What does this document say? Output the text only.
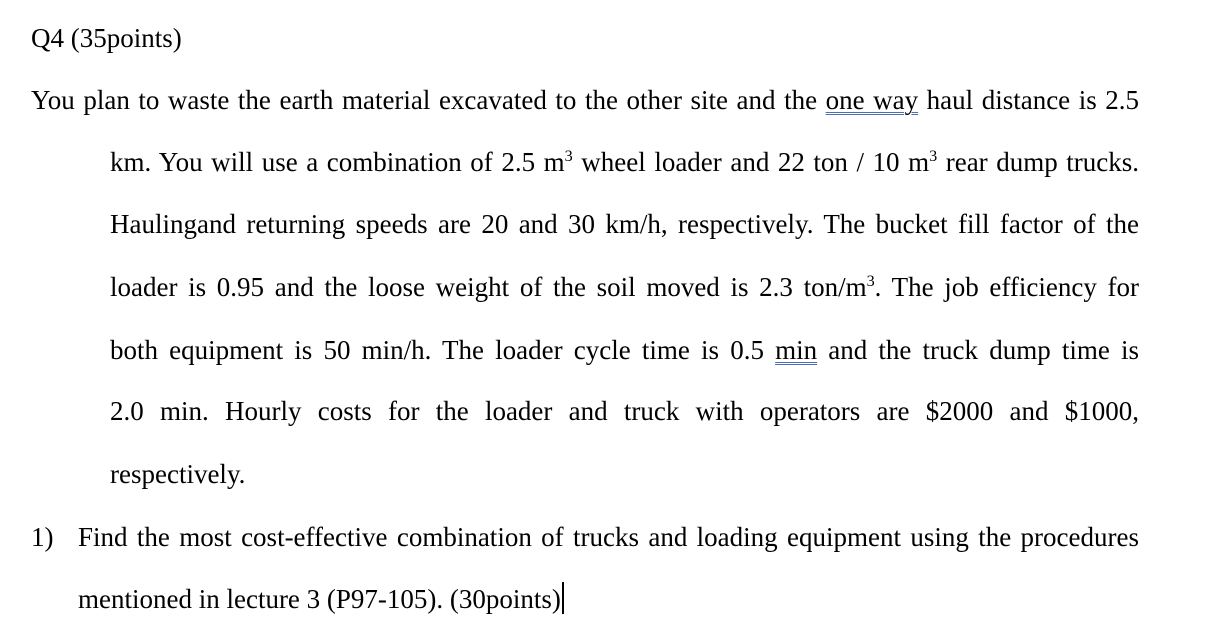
Q4 (35points)
You plan to waste the earth material excavated to the other site and the one way haul distance is 2.5
km. You will use a combination of 2.5 $m^3$ wheel loader and 22 ton / 10 $m^3$ rear dump trucks.
Haulingand returning speeds are 20 and 30 km/h, respectively. The bucket fill factor of the
loader is 0.95 and the loose weight of the soil moved is 2.3 ton/$m^3$. The job efficiency for
both equipment is 50 min/h. The loader cycle time is 0.5 min and the truck dump time is
2.0 min. Hourly costs for the loader and truck with operators are $2000 and $1000,
respectively.
1) Find the most cost-effective combination of trucks and loading equipment using the procedures
mentioned in lecture 3 (P97-105). (30points)
